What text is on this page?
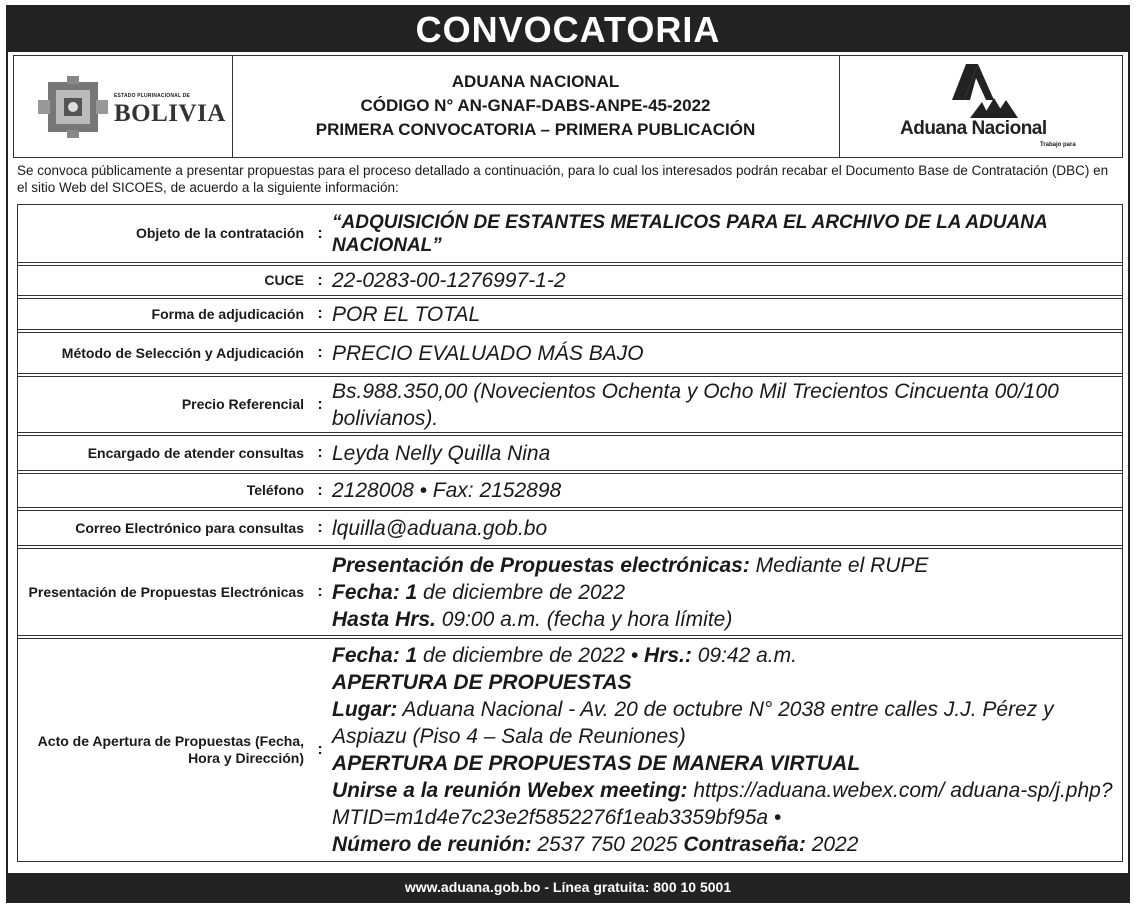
CONVOCATORIA
ESTADO PLURINACIONAL DE
BOLIVIA
ADUANA NACIONAL
CÓDIGO N° AN-GNAF-DABS-ANPE-45-2022
PRIMERA CONVOCATORIA – PRIMERA PUBLICACIÓN	Aduana Nacional
Trabajo para
Se convoca públicamente a presentar propuestas para el proceso detallado a continuación, para lo cual los interesados podrán recabar el Documento Base de Contratación (DBC) en el sitio Web del SICOES, de acuerdo a la siguiente información:
Objeto de la contratación :
“ADQUISICIÓN DE ESTANTES METALICOS PARA EL ARCHIVO DE LA ADUANA NACIONAL”
CUCE : 22-0283-00-1276997-1-2
Forma de adjudicación : POR EL TOTAL
Método de Selección y Adjudicación : PRECIO EVALUADO MÁS BAJO
Precio Referencial :
Bs.988.350,00 (Novecientos Ochenta y Ocho Mil Trecientos Cincuenta 00/100 bolivianos).
Encargado de atender consultas : Leyda Nelly Quilla Nina
Teléfono : 2128008 • Fax: 2152898
Correo Electrónico para consultas : lquilla@aduana.gob.bo
Presentación de Propuestas Electrónicas :
Presentación de Propuestas electrónicas: Mediante el RUPE
Fecha: 1 de diciembre de 2022
Hasta Hrs. 09:00 a.m. (fecha y hora límite)
Acto de Apertura de Propuestas (Fecha, Hora y Dirección) :
Fecha: 1 de diciembre de 2022 • Hrs.: 09:42 a.m.
APERTURA DE PROPUESTAS
Lugar: Aduana Nacional - Av. 20 de octubre N° 2038 entre calles J.J. Pérez y Aspiazu (Piso 4 – Sala de Reuniones)
APERTURA DE PROPUESTAS DE MANERA VIRTUAL
Unirse a la reunión Webex meeting: https://aduana.webex.com/ aduana-sp/j.php?MTID=m1d4e7c23e2f5852276f1eab3359bf95a •
Número de reunión: 2537 750 2025 Contraseña: 2022
www.aduana.gob.bo - Línea gratuita: 800 10 5001
